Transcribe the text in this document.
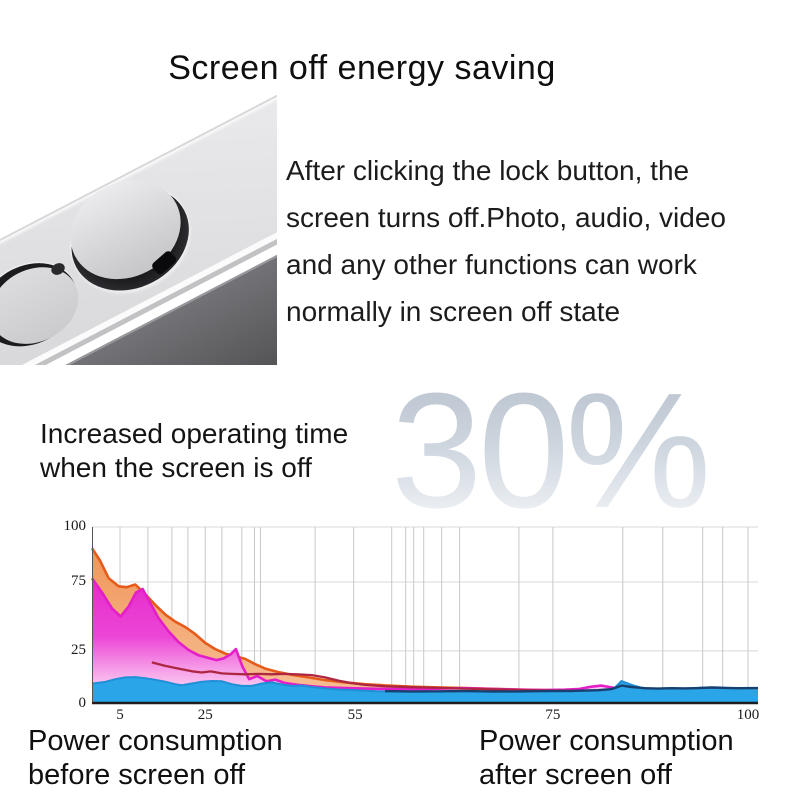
Screen off energy saving
After clicking the lock button, the
screen turns off.Photo, audio, video
and any other functions can work
normally in screen off state
30%
Increased operating time
when the screen is off
5	25	55	75	100
100
75
25
0
Power consumption
before screen off
Power consumption
after screen off
